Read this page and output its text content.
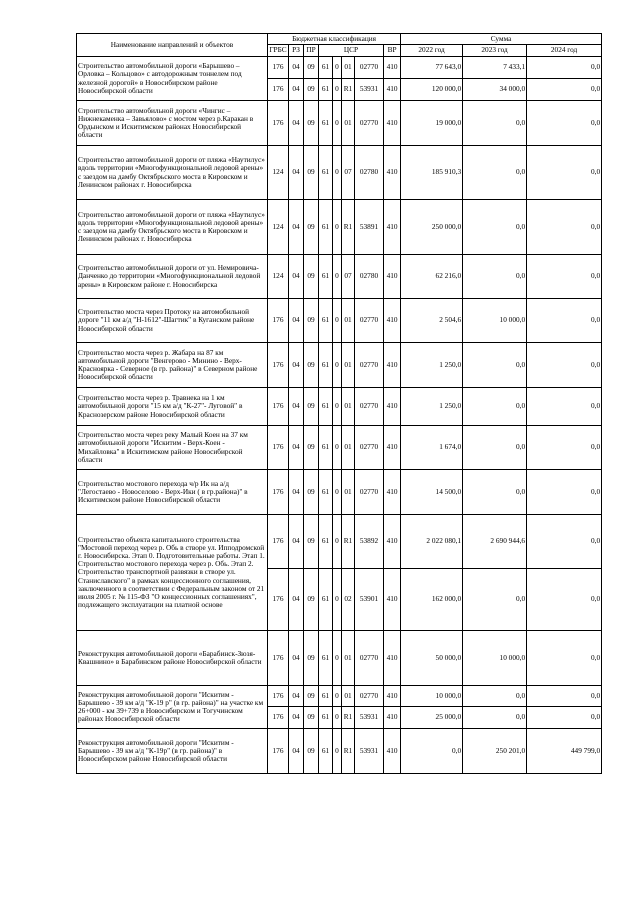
Наименование направлений и объектов	Бюджетная классификация								Сумма		
	ГРБС	РЗ	ПР	ЦСР				ВР	2022 год	2023 год	2024 год
Строительство автомобильной дороги «Барышево – Орловка – Кольцово» с автодорожным тоннелем под железной дорогой» в Новосибирском районе Новосибирской области	176	04	09	61	0	01	02770	410	77 643,0	7 433,1	0,0
	176	04	09	61	0	R1	53931	410	120 000,0	34 000,0	0,0
Строительство автомобильной дороги «Чингис – Нижнекаменка – Завьялово» с мостом через р.Каракан в Ордынском и Искитимском районах Новосибирской области	176	04	09	61	0	01	02770	410	19 000,0	0,0	0,0
Строительство автомобильной дороги от пляжа «Наутилус» вдоль территории «Многофункциональной ледовой арены» с заездом на дамбу Октябрьского моста в Кировском и Ленинском районах г. Новосибирска	124	04	09	61	0	07	02780	410	185 910,3	0,0	0,0
Строительство автомобильной дороги от пляжа «Наутилус» вдоль территории «Многофункциональной ледовой арены» с заездом на дамбу Октябрьского моста в Кировском и Ленинском районах г. Новосибирска	124	04	09	61	0	R1	53891	410	250 000,0	0,0	0,0
Строительство автомобильной дороги от ул. Немировича-Данченко до территории «Многофункциональной ледовой арены» в Кировском районе г. Новосибирска	124	04	09	61	0	07	02780	410	62 216,0	0,0	0,0
Строительство моста через Протоку на автомобильной дороге "11 км а/д "Н-1612"-Шагтик" в Куганском районе Новосибирской области	176	04	09	61	0	01	02770	410	2 504,6	10 000,0	0,0
Строительство моста через р. Жабара на 87 км автомобильной дороги "Венгерово - Минино - Верх-Красноярка - Северное (в гр. района)" в Северном районе Новосибирской области	176	04	09	61	0	01	02770	410	1 250,0	0,0	0,0
Строительство моста через р. Травнека на 1 км автомобильной дороги "15 км а/д "К-27"- Луговой" в Краснозерском районе Новосибирской области	176	04	09	61	0	01	02770	410	1 250,0	0,0	0,0
Строительство моста через реку Малый Коен на 37 км автомобильной дороги "Искитим - Верх-Коен - Михайловка" в Искитимском районе Новосибирской области	176	04	09	61	0	01	02770	410	1 674,0	0,0	0,0
Строительство мостового перехода ч/р Ик на а/д "Легостаево - Новоселово - Верх-Ики ( в гр.района)" в Искитимском районе Новосибирской области	176	04	09	61	0	01	02770	410	14 500,0	0,0	0,0
Строительство объекта капитального строительства "Мостовой переход через р. Обь в створе ул. Ипподромской г. Новосибирска. Этап 0. Подготовительные работы. Этап 1. Строительство мостового перехода через р. Обь. Этап 2. Строительство транспортной развязки в створе ул. Станиславского" в рамках концессионного соглашения, заключенного в соответствии с Федеральным законом от 21 июля 2005 г. № 115-ФЗ "О концессионных соглашениях", подлежащего эксплуатации на платной основе	176	04	09	61	0	R1	53892	410	2 022 080,1	2 690 944,6	0,0
	176	04	09	61	0	02	53901	410	162 000,0	0,0	0,0
Реконструкция автомобильной дороги «Барабинск-Зюзя-Квашнино» в Барабинском районе Новосибирской области	176	04	09	61	0	01	02770	410	50 000,0	10 000,0	0,0
Реконструкция автомобильной дороги "Искитим - Барышево - 39 км а/д "К-19 р" (в гр. района)" на участке км 26+000 - км 39+739 в Новосибирском и Тогучинском районах Новосибирской области	176	04	09	61	0	01	02770	410	10 000,0	0,0	0,0
	176	04	09	61	0	R1	53931	410	25 000,0	0,0	0,0
Реконструкция автомобильной дороги "Искитим - Барышево - 39 км а/д "К-19р" (в гр. района)" в Новосибирском районе Новосибирской области	176	04	09	61	0	R1	53931	410	0,0	250 201,0	449 799,0
